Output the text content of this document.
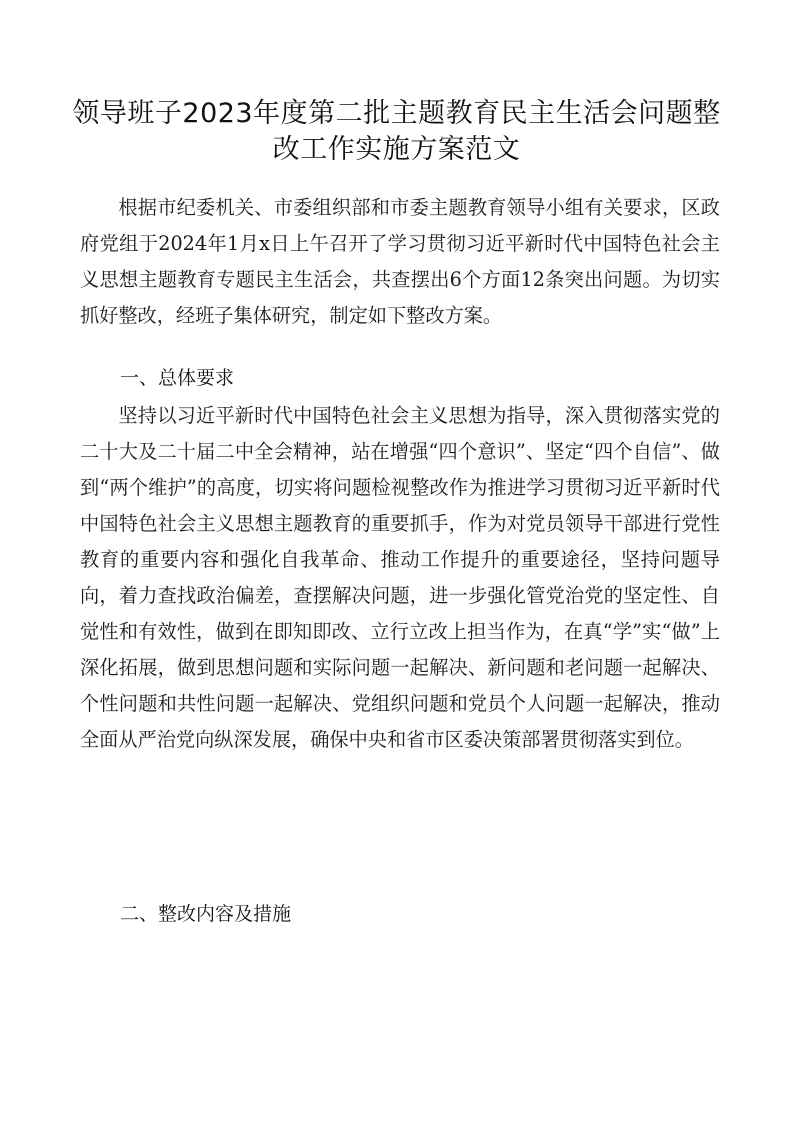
领导班子2023年度第二批主题教育民主生活会问题整改工作实施方案范文

根据市纪委机关、市委组织部和市委主题教育领导小组有关要求，区政府党组于2024年1月x日上午召开了学习贯彻习近平新时代中国特色社会主义思想主题教育专题民主生活会，共查摆出6个方面12条突出问题。为切实抓好整改，经班子集体研究，制定如下整改方案。

一、总体要求

坚持以习近平新时代中国特色社会主义思想为指导，深入贯彻落实党的二十大及二十届二中全会精神，站在增强“四个意识”、坚定“四个自信”、做到“两个维护”的高度，切实将问题检视整改作为推进学习贯彻习近平新时代中国特色社会主义思想主题教育的重要抓手，作为对党员领导干部进行党性教育的重要内容和强化自我革命、推动工作提升的重要途径，坚持问题导向，着力查找政治偏差，查摆解决问题，进一步强化管党治党的坚定性、自觉性和有效性，做到在即知即改、立行立改上担当作为，在真“学”实“做”上深化拓展，做到思想问题和实际问题一起解决、新问题和老问题一起解决、个性问题和共性问题一起解决、党组织问题和党员个人问题一起解决，推动全面从严治党向纵深发展，确保中央和省市区委决策部署贯彻落实到位。

二、整改内容及措施
